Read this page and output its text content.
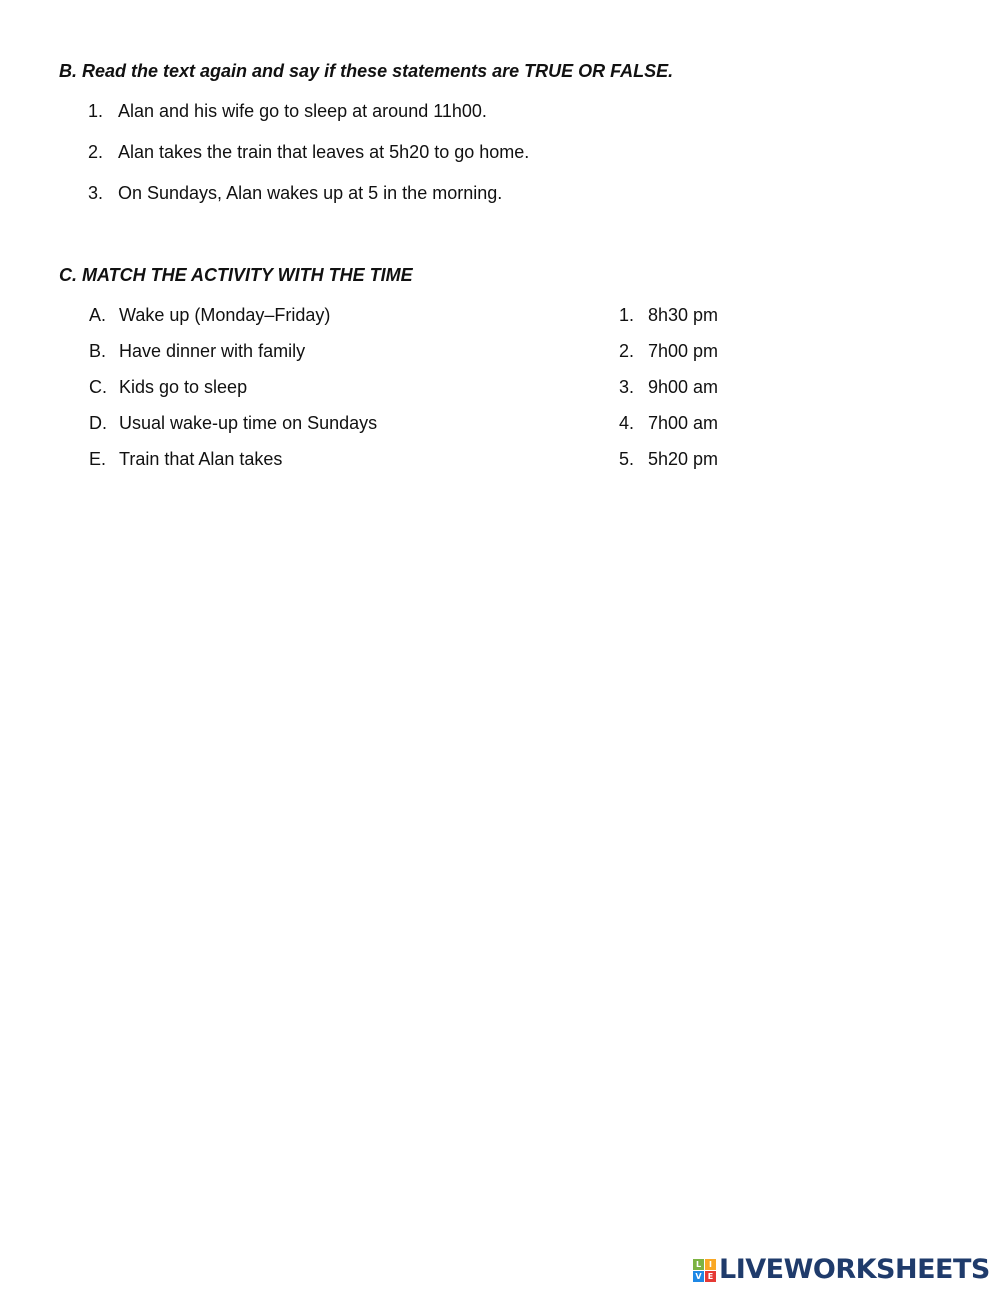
B. Read the text again and say if these statements are TRUE OR FALSE.
1. Alan and his wife go to sleep at around 11h00.
2. Alan takes the train that leaves at 5h20 to go home.
3. On Sundays, Alan wakes up at 5 in the morning.
C. MATCH THE ACTIVITY WITH THE TIME
A. Wake up (Monday–Friday)
B. Have dinner with family
C. Kids go to sleep
D. Usual wake-up time on Sundays
E. Train that Alan takes
1. 8h30 pm
2. 7h00 pm
3. 9h00 am
4. 7h00 am
5. 5h20 pm
L I
V E LIVEWORKSHEETS
